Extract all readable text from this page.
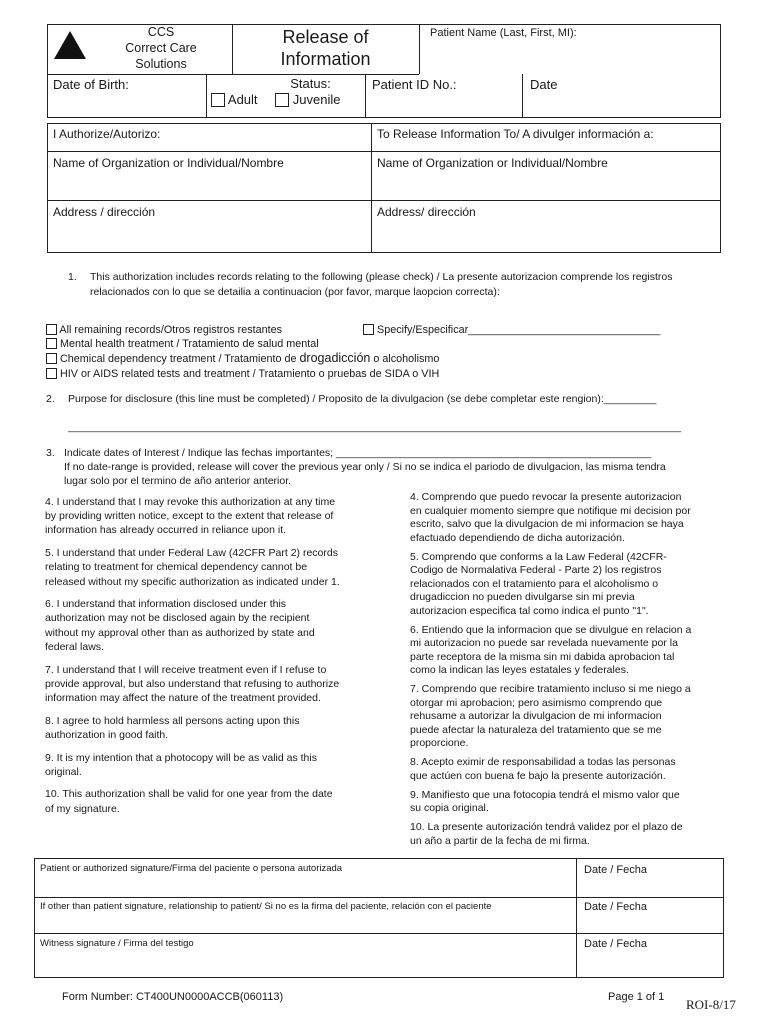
CCS
Correct Care
Solutions
Release of
Information
Patient Name (Last, First, MI):
Date of Birth:	Status:
Adult	Juvenile
Patient ID No.:	Date
I Authorize/Autorizo:	To Release Information To/ A divulger información a:
Name of Organization or Individual/Nombre	Name of Organization or Individual/Nombre
Address / dirección	Address/ dirección
1. This authorization includes records relating to the following (please check) / La presente autorizacion comprende los registros
relacionados con lo que se detailia a continuacion (por favor, marque laopcion correcta):
All remaining records/Otros registros restantes
Mental health treatment / Tratamiento de salud mental
Chemical dependency treatment / Tratamiento de drogadicción o alcoholismo
HIV or AIDS related tests and treatment / Tratamiento o pruebas de SIDA o VIH
Specify/Especificar________________________________
2. Purpose for disclosure (this line must be completed) / Proposito de la divulgacion (se debe completar este rengion):_________
_________________________________________________________________________________________________________
3. Indicate dates of Interest / Indique las fechas importantes; ______________________________________________________
If no date-range is provided, release will cover the previous year only / Si no se indica el pariodo de divulgacion, las misma tendra
lugar solo por el termino de año anterior anterior.
4. I understand that I may revoke this authorization at any time
by providing written notice, except to the extent that release of
information has already occurred in reliance upon it.
5. I understand that under Federal Law (42CFR Part 2) records
relating to treatment for chemical dependency cannot be
released without my specific authorization as indicated under 1.
6. I understand that information disclosed under this
authorization may not be disclosed again by the recipient
without my approval other than as authorized by state and
federal laws.
7. I understand that I will receive treatment even if I refuse to
provide approval, but also understand that refusing to authorize
information may affect the nature of the treatment provided.
8. I agree to hold harmless all persons acting upon this
authorization in good faith.
9. It is my intention that a photocopy will be as valid as this
original.
10. This authorization shall be valid for one year from the date
of my signature.
4. Comprendo que puedo revocar la presente autorizacion
en cualquier momento siempre que notifique mi decision por
escrito, salvo que la divulgacion de mi informacion se haya
efactuado dependiendo de dicha autorización.
5. Comprendo que conforms a la Law Federal (42CFR-
Codigo de Normalativa Federal - Parte 2) los registros
relacionados con el tratamiento para el alcoholismo o
drugadiccion no pueden divulgarse sin mi previa
autorizacion especifica tal como indica el punto "1".
6. Entiendo que la informacion que se divulgue en relacion a
mi autorizacion no puede sar revelada nuevamente por la
parte receptora de la misma sin mi dabida aprobacion tal
como la indican las leyes estatales y federales.
7. Comprendo que recibire tratamiento incluso si me niego a
otorgar mi aprobacion; pero asimismo comprendo que
rehusame a autorizar la divulgacion de mi informacion
puede afectar la naturaleza del tratamiento que se me
proporcione.
8. Acepto eximir de responsabilidad a todas las personas
que actúen con buena fe bajo la presente autorización.
9. Manifiesto que una fotocopia tendrá el mismo valor que
su copia original.
10. La presente autorización tendrá validez por el plazo de
un año a partir de la fecha de mi firma.
Patient or authorized signature/Firma del paciente o persona autorizada	Date / Fecha
If other than patient signature, relationship to patient/ Si no es la firma del paciente, relación con el paciente	Date / Fecha
Witness signature / Firma del testigo	Date / Fecha
Form Number: CT400UN0000ACCB(060113)	Page 1 of 1 ROI-8/17
